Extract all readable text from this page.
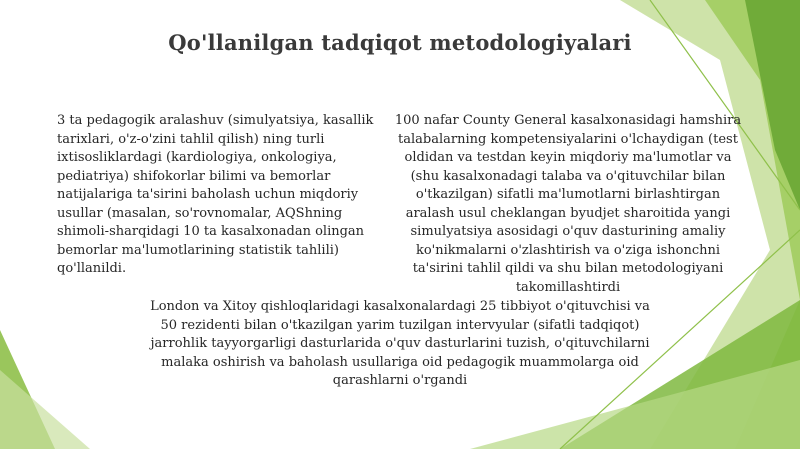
Qo'llanilgan tadqiqot metodologiyalari
3 ta pedagogik aralashuv (simulyatsiya, kasallik tarixlari, o'z-o'zini tahlil qilish) ning turli ixtisosliklardagi (kardiologiya, onkologiya, pediatriya) shifokorlar bilimi va bemorlar natijalariga ta'sirini baholash uchun miqdoriy usullar (masalan, so'rovnomalar, AQShning shimoli-sharqidagi 10 ta kasalxonadan olingan bemorlar ma'lumotlarining statistik tahlili) qo'llanildi.
100 nafar County General kasalxonasidagi hamshira talabalarning kompetensiyalarini o'lchaydigan (test oldidan va testdan keyin miqdoriy ma'lumotlar va (shu kasalxonadagi talaba va o'qituvchilar bilan o'tkazilgan) sifatli ma'lumotlarni birlashtirgan aralash usul cheklangan byudjet sharoitida yangi simulyatsiya asosidagi o'quv dasturining amaliy ko'nikmalarni o'zlashtirish va o'ziga ishonchni ta'sirini tahlil qildi va shu bilan metodologiyani takomillashtirdi
London va Xitoy qishloqlaridagi kasalxonalardagi 25 tibbiyot o'qituvchisi va 50 rezidenti bilan o'tkazilgan yarim tuzilgan intervyular (sifatli tadqiqot) jarrohlik tayyorgarligi dasturlarida o'quv dasturlarini tuzish, o'qituvchilarni malaka oshirish va baholash usullariga oid pedagogik muammolarga oid qarashlarni o'rgandi
